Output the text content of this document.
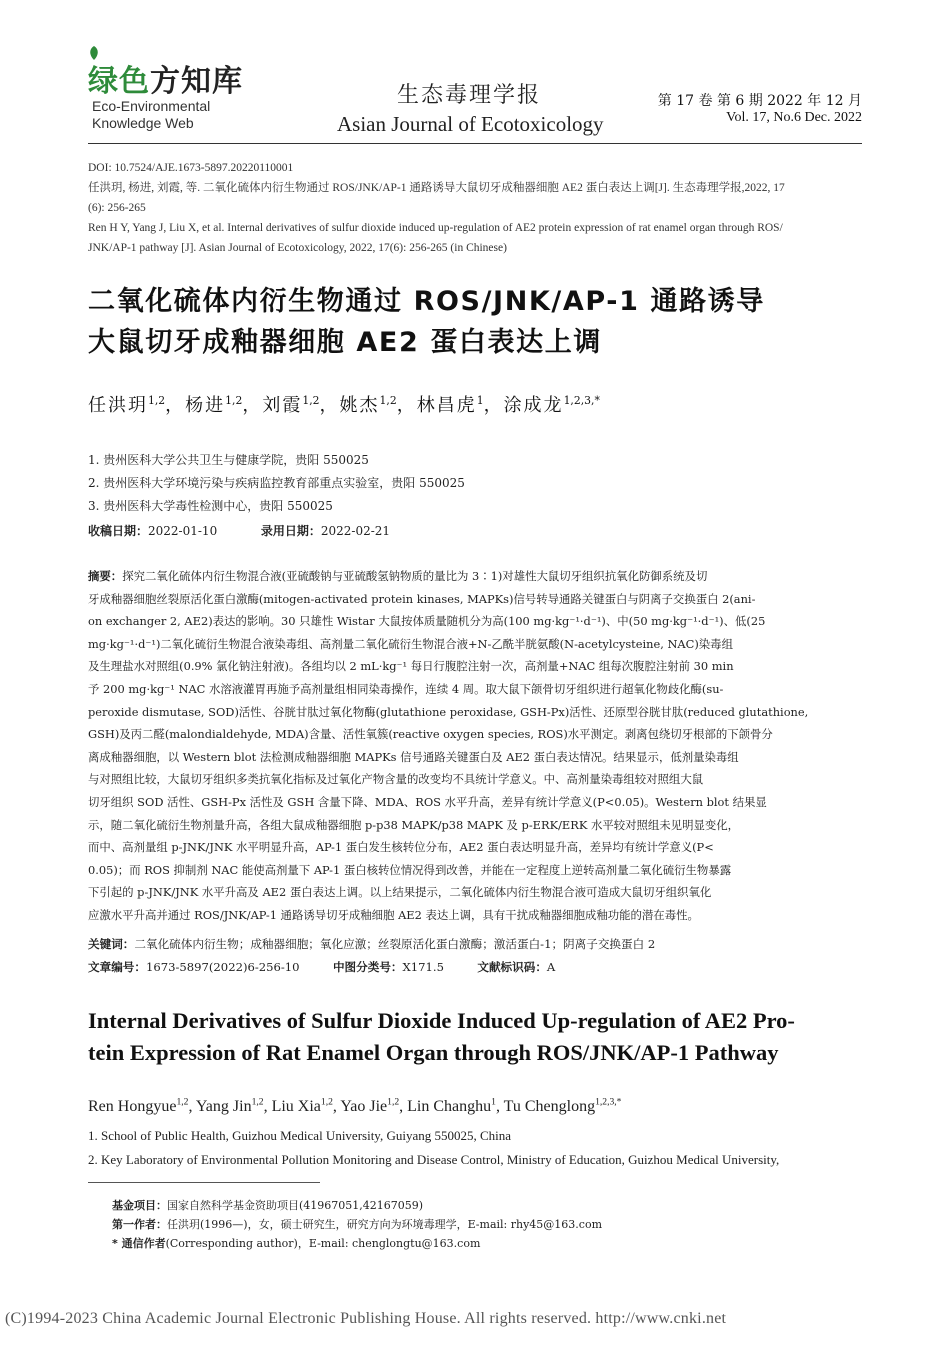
绿色方知库
Eco-Environmental
Knowledge Web
生态毒理学报
Asian Journal of Ecotoxicology
第 17 卷 第 6 期 2022 年 12 月
Vol. 17, No.6 Dec. 2022
DOI: 10.7524/AJE.1673-5897.20220110001
任洪玥, 杨进, 刘霞, 等. 二氧化硫体内衍生物通过 ROS/JNK/AP-1 通路诱导大鼠切牙成釉器细胞 AE2 蛋白表达上调[J]. 生态毒理学报,2022, 17
(6): 256-265
Ren H Y, Yang J, Liu X, et al. Internal derivatives of sulfur dioxide induced up-regulation of AE2 protein expression of rat enamel organ through ROS/
JNK/AP-1 pathway [J]. Asian Journal of Ecotoxicology, 2022, 17(6): 256-265 (in Chinese)
二氧化硫体内衍生物通过 ROS/JNK/AP-1 通路诱导
大鼠切牙成釉器细胞 AE2 蛋白表达上调
任洪玥$^{1,2}$，杨进$^{1,2}$，刘霞$^{1,2}$，姚杰$^{1,2}$，林昌虎$^1$，涂成龙$^{1,2,3,*}$
1. 贵州医科大学公共卫生与健康学院，贵阳 550025
2. 贵州医科大学环境污染与疾病监控教育部重点实验室，贵阳 550025
3. 贵州医科大学毒性检测中心，贵阳 550025
收稿日期：2022-01-10	录用日期：2022-02-21
摘要：探究二氧化硫体内衍生物混合液(亚硫酸钠与亚硫酸氢钠物质的量比为 3∶1)对雄性大鼠切牙组织抗氧化防御系统及切
牙成釉器细胞丝裂原活化蛋白激酶(mitogen-activated protein kinases, MAPKs)信号转导通路关键蛋白与阴离子交换蛋白 2(ani-
on exchanger 2, AE2)表达的影响。30 只雄性 Wistar 大鼠按体质量随机分为高(100 mg·kg⁻¹·d⁻¹)、中(50 mg·kg⁻¹·d⁻¹)、低(25
mg·kg⁻¹·d⁻¹)二氧化硫衍生物混合液染毒组、高剂量二氧化硫衍生物混合液+N-乙酰半胱氨酸(N-acetylcysteine, NAC)染毒组
及生理盐水对照组(0.9% 氯化钠注射液)。各组均以 2 mL·kg⁻¹ 每日行腹腔注射一次，高剂量+NAC 组每次腹腔注射前 30 min
予 200 mg·kg⁻¹ NAC 水溶液灌胃再施予高剂量组相同染毒操作，连续 4 周。取大鼠下颌骨切牙组织进行超氧化物歧化酶(su-
peroxide dismutase, SOD)活性、谷胱甘肽过氧化物酶(glutathione peroxidase, GSH-Px)活性、还原型谷胱甘肽(reduced glutathione,
GSH)及丙二醛(malondialdehyde, MDA)含量、活性氧簇(reactive oxygen species, ROS)水平测定。剥离包绕切牙根部的下颌骨分
离成釉器细胞，以 Western blot 法检测成釉器细胞 MAPKs 信号通路关键蛋白及 AE2 蛋白表达情况。结果显示，低剂量染毒组
与对照组比较，大鼠切牙组织多类抗氧化指标及过氧化产物含量的改变均不具统计学意义。中、高剂量染毒组较对照组大鼠
切牙组织 SOD 活性、GSH-Px 活性及 GSH 含量下降、MDA、ROS 水平升高，差异有统计学意义(P<0.05)。Western blot 结果显
示，随二氧化硫衍生物剂量升高，各组大鼠成釉器细胞 p-p38 MAPK/p38 MAPK 及 p-ERK/ERK 水平较对照组未见明显变化，
而中、高剂量组 p-JNK/JNK 水平明显升高，AP-1 蛋白发生核转位分布，AE2 蛋白表达明显升高，差异均有统计学意义(P<
0.05)；而 ROS 抑制剂 NAC 能使高剂量下 AP-1 蛋白核转位情况得到改善，并能在一定程度上逆转高剂量二氧化硫衍生物暴露
下引起的 p-JNK/JNK 水平升高及 AE2 蛋白表达上调。以上结果提示，二氧化硫体内衍生物混合液可造成大鼠切牙组织氧化
应激水平升高并通过 ROS/JNK/AP-1 通路诱导切牙成釉细胞 AE2 表达上调，具有干扰成釉器细胞成釉功能的潜在毒性。
关键词：二氧化硫体内衍生物；成釉器细胞；氧化应激；丝裂原活化蛋白激酶；激活蛋白-1；阴离子交换蛋白 2
文章编号：1673-5897(2022)6-256-10	中图分类号：X171.5	文献标识码：A
Internal Derivatives of Sulfur Dioxide Induced Up-regulation of AE2 Pro-
tein Expression of Rat Enamel Organ through ROS/JNK/AP-1 Pathway
Ren Hongyue$^{1,2}$, Yang Jin$^{1,2}$, Liu Xia$^{1,2}$, Yao Jie$^{1,2}$, Lin Changhu$^1$, Tu Chenglong$^{1,2,3,*}$
1. School of Public Health, Guizhou Medical University, Guiyang 550025, China
2. Key Laboratory of Environmental Pollution Monitoring and Disease Control, Ministry of Education, Guizhou Medical University,
基金项目：国家自然科学基金资助项目(41967051,42167059)
第一作者：任洪玥(1996—)，女，硕士研究生，研究方向为环境毒理学，E-mail: rhy45@163.com
* 通信作者(Corresponding author)，E-mail: chenglongtu@163.com
(C)1994-2023 China Academic Journal Electronic Publishing House. All rights reserved. http://www.cnki.net
